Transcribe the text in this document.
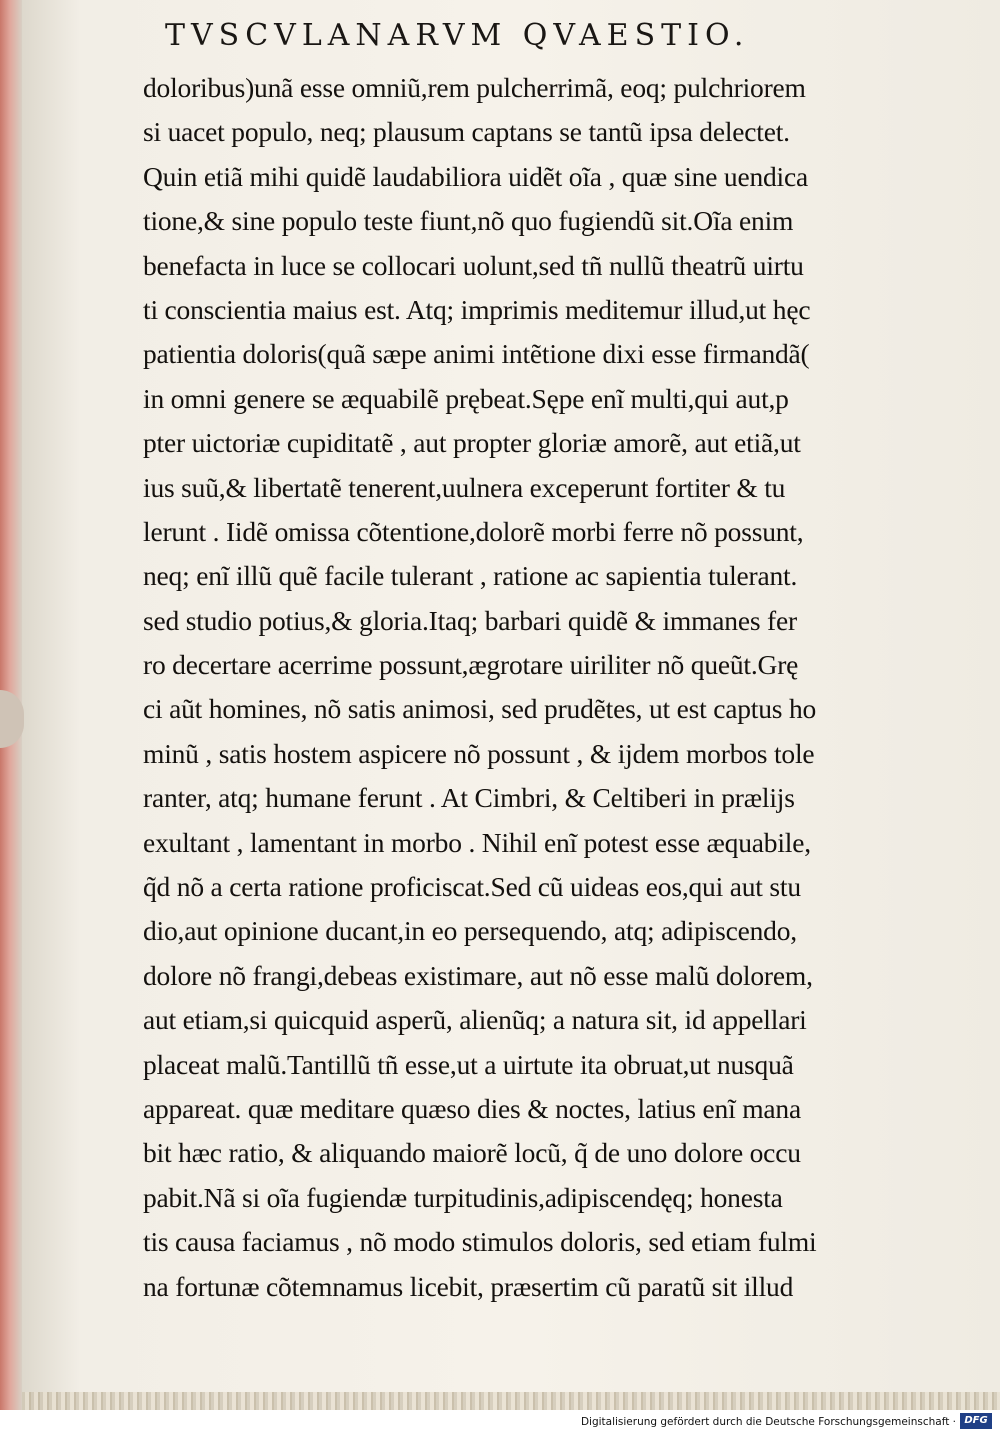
TVSCVLANARVM QVAESTIO.
doloribus)unã esse omniũ,rem pulcherrimã, eoq; pulchriorem
si uacet populo, neq; plausum captans se tantũ ipsa delectet.
Quin etiã mihi quidẽ laudabiliora uidẽt oĩa , quæ sine uendica
tione,& sine populo teste fiunt,nõ quo fugiendũ sit.Oĩa enim
benefacta in luce se collocari uolunt,sed tñ nullũ theatrũ uirtu
ti conscientia maius est. Atq; imprimis meditemur illud,ut hęc
patientia doloris(quã sæpe animi intẽtione dixi esse firmandã(
in omni genere se æquabilẽ prębeat.Sępe enĩ multi,qui aut,p
pter uictoriæ cupiditatẽ , aut propter gloriæ amorẽ, aut etiã,ut
ius suũ,& libertatẽ tenerent,uulnera exceperunt fortiter & tu
lerunt . Iidẽ omissa cõtentione,dolorẽ morbi ferre nõ possunt,
neq; enĩ illũ quẽ facile tulerant , ratione ac sapientia tulerant.
sed studio potius,& gloria.Itaq; barbari quidẽ & immanes fer
ro decertare acerrime possunt,ægrotare uiriliter nõ queũt.Grę
ci aũt homines, nõ satis animosi, sed prudẽtes, ut est captus ho
minũ , satis hostem aspicere nõ possunt , & ijdem morbos tole
ranter, atq; humane ferunt . At Cimbri, & Celtiberi in prælijs
exultant , lamentant in morbo . Nihil enĩ potest esse æquabile,
q̃d nõ a certa ratione proficiscat.Sed cũ uideas eos,qui aut stu
dio,aut opinione ducant,in eo persequendo, atq; adipiscendo,
dolore nõ frangi,debeas existimare, aut nõ esse malũ dolorem,
aut etiam,si quicquid asperũ, alienũq; a natura sit, id appellari
placeat malũ.Tantillũ tñ esse,ut a uirtute ita obruat,ut nusquã
appareat. quæ meditare quæso dies & noctes, latius enĩ mana
bit hæc ratio, & aliquando maiorẽ locũ, q̃ de uno dolore occu
pabit.Nã si oĩa fugiendæ turpitudinis,adipiscendęq; honesta
tis causa faciamus , nõ modo stimulos doloris, sed etiam fulmi
na fortunæ cõtemnamus licebit, præsertim cũ paratũ sit illud
Digitalisierung gefördert durch die Deutsche Forschungsgemeinschaft · DFG
